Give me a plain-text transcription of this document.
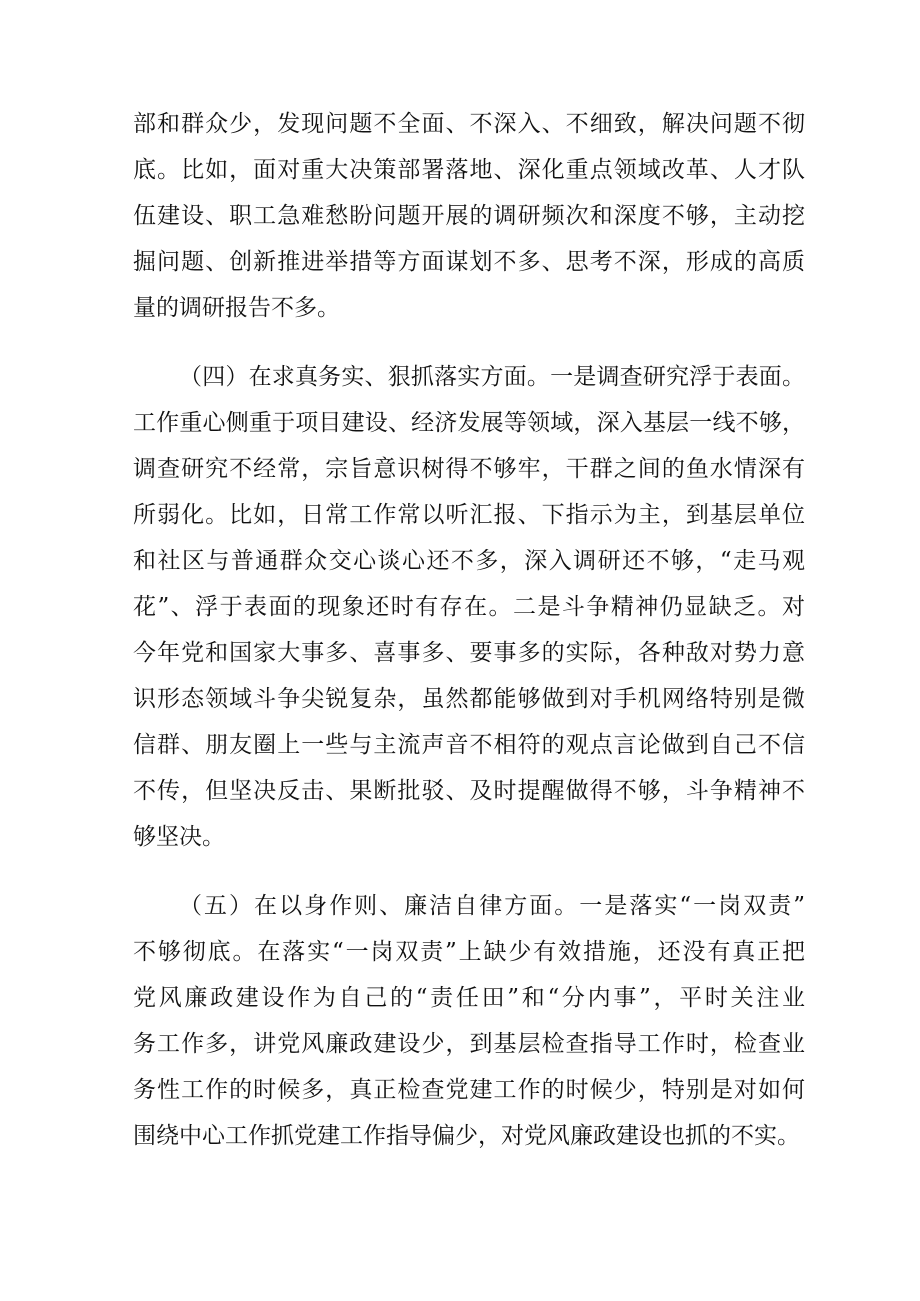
部和群众少，发现问题不全面、不深入、不细致，解决问题不彻
底。比如，面对重大决策部署落地、深化重点领域改革、人才队
伍建设、职工急难愁盼问题开展的调研频次和深度不够，主动挖
掘问题、创新推进举措等方面谋划不多、思考不深，形成的高质
量的调研报告不多。
（四）在求真务实、狠抓落实方面。一是调查研究浮于表面。
工作重心侧重于项目建设、经济发展等领域，深入基层一线不够，
调查研究不经常，宗旨意识树得不够牢，干群之间的鱼水情深有
所弱化。比如，日常工作常以听汇报、下指示为主，到基层单位
和社区与普通群众交心谈心还不多，深入调研还不够，“走马观
花”、浮于表面的现象还时有存在。二是斗争精神仍显缺乏。对
今年党和国家大事多、喜事多、要事多的实际，各种敌对势力意
识形态领域斗争尖锐复杂，虽然都能够做到对手机网络特别是微
信群、朋友圈上一些与主流声音不相符的观点言论做到自己不信
不传，但坚决反击、果断批驳、及时提醒做得不够，斗争精神不
够坚决。
（五）在以身作则、廉洁自律方面。一是落实“一岗双责”
不够彻底。在落实“一岗双责”上缺少有效措施，还没有真正把
党风廉政建设作为自己的“责任田”和“分内事”，平时关注业
务工作多，讲党风廉政建设少，到基层检查指导工作时，检查业
务性工作的时候多，真正检查党建工作的时候少，特别是对如何
围绕中心工作抓党建工作指导偏少，对党风廉政建设也抓的不实。
